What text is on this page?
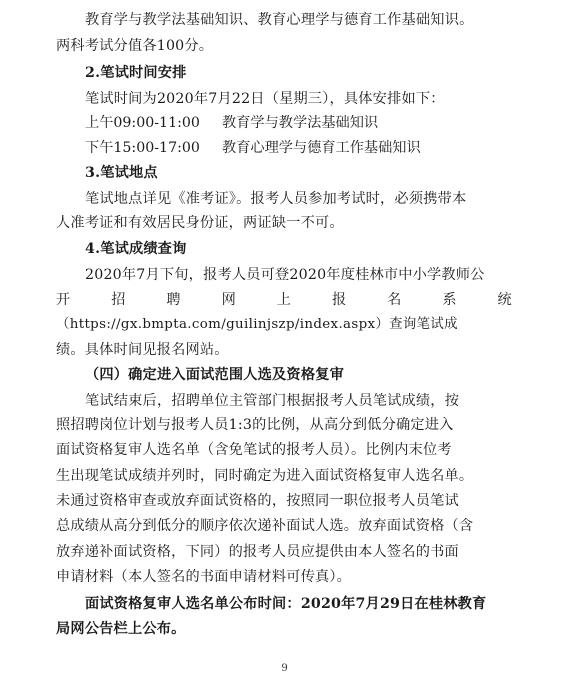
教育学与教学法基础知识、教育心理学与德育工作基础知识。
两科考试分值各100分。
2.笔试时间安排
笔试时间为2020年7月22日（星期三），具体安排如下：
上午09:00-11:00 教育学与教学法基础知识
下午15:00-17:00 教育心理学与德育工作基础知识
3.笔试地点
笔试地点详见《准考证》。报考人员参加考试时，必须携带本
人准考证和有效居民身份证，两证缺一不可。
4.笔试成绩查询
2020年7月下旬，报考人员可登2020年度桂林市中小学教师公
开	招	聘	网	上	报	名	系	统
（https://gx.bmpta.com/guilinjszp/index.aspx）查询笔试成
绩。具体时间见报名网站。
（四）确定进入面试范围人选及资格复审
笔试结束后，招聘单位主管部门根据报考人员笔试成绩，按
照招聘岗位计划与报考人员1:3的比例，从高分到低分确定进入
面试资格复审人选名单（含免笔试的报考人员）。比例内末位考
生出现笔试成绩并列时，同时确定为进入面试资格复审人选名单。
未通过资格审查或放弃面试资格的，按照同一职位报考人员笔试
总成绩从高分到低分的顺序依次递补面试人选。放弃面试资格（含
放弃递补面试资格，下同）的报考人员应提供由本人签名的书面
申请材料（本人签名的书面申请材料可传真）。
面试资格复审人选名单公布时间：2020年7月29日在桂林教育
局网公告栏上公布。
9
